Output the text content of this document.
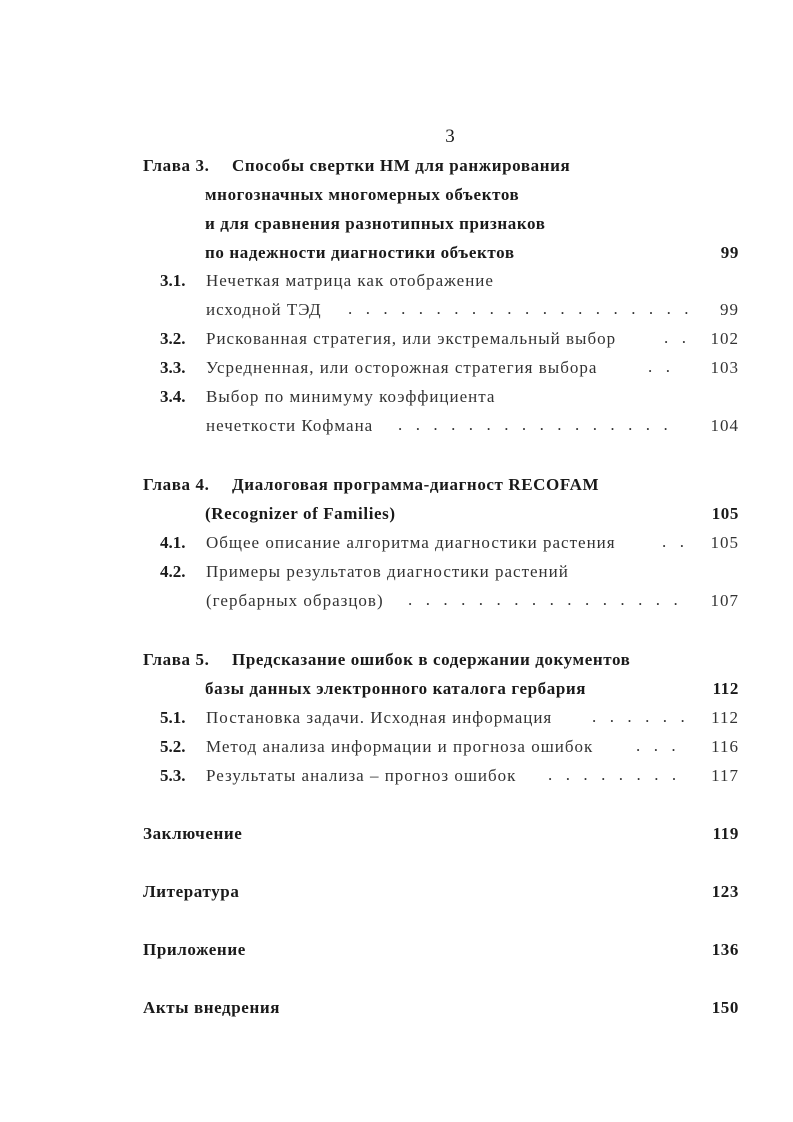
3
Глава 3. Способы свертки НМ для ранжирования
многозначных многомерных объектов
и для сравнения разнотипных признаков
по надежности диагностики объектов	99
3.1. Нечеткая матрица как отображение
исходной ТЭД . . . . . . . . . . . . . . . . . . . . 99
3.2. Рискованная стратегия, или экстремальный выбор	. . 102
3.3. Усредненная, или осторожная стратегия выбора	. .	103
3.4. Выбор по минимуму коэффициента
нечеткости Кофмана . . . . . . . . . . . . . . . .	104
Глава 4. Диалоговая программа-диагност RECOFAM
(Recognizer of Families)	105
4.1. Общее описание алгоритма диагностики растения	. . 105
4.2. Примеры результатов диагностики растений
(гербарных образцов) . . . . . . . . . . . . . . . .	107
Глава 5. Предсказание ошибок в содержании документов
базы данных электронного каталога гербария	112
5.1. Постановка задачи. Исходная информация . . . . . . 112
5.2. Метод анализа информации и прогноза ошибок	. . .	116
5.3. Результаты анализа – прогноз ошибок . . . . . . . .	117
Заключение	119
Литература	123
Приложение	136
Акты внедрения	150
